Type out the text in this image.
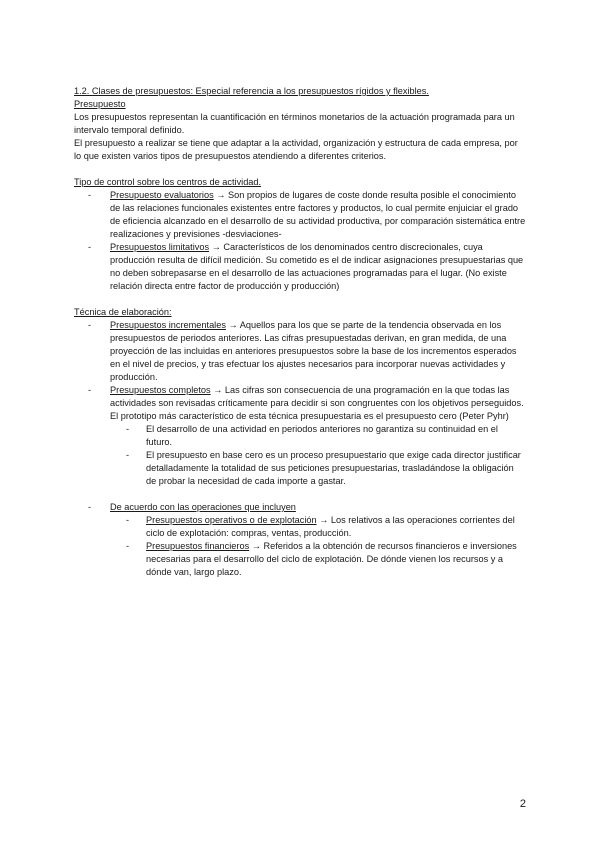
1.2. Clases de presupuestos: Especial referencia a los presupuestos rígidos y flexibles.

Presupuesto

Los presupuestos representan la cuantificación en términos monetarios de la actuación programada para un intervalo temporal definido.

El presupuesto a realizar se tiene que adaptar a la actividad, organización y estructura de cada empresa, por lo que existen varios tipos de presupuestos atendiendo a diferentes criterios.

Tipo de control sobre los centros de actividad.

- Presupuesto evaluatorios → Son propios de lugares de coste donde resulta posible el conocimiento de las relaciones funcionales existentes entre factores y productos, lo cual permite enjuiciar el grado de eficiencia alcanzado en el desarrollo de su actividad productiva, por comparación sistemática entre realizaciones y previsiones -desviaciones-
- Presupuestos limitativos → Característicos de los denominados centro discrecionales, cuya producción resulta de difícil medición. Su cometido es el de indicar asignaciones presupuestarias que no deben sobrepasarse en el desarrollo de las actuaciones programadas para el lugar. (No existe relación directa entre factor de producción y producción)

Técnica de elaboración:

- Presupuestos incrementales → Aquellos para los que se parte de la tendencia observada en los presupuestos de periodos anteriores. Las cifras presupuestadas derivan, en gran medida, de una proyección de las incluidas en anteriores presupuestos sobre la base de los incrementos esperados en el nivel de precios, y tras efectuar los ajustes necesarios para incorporar nuevas actividades y producción.
- Presupuestos completos → Las cifras son consecuencia de una programación en la que todas las actividades son revisadas críticamente para decidir si son congruentes con los objetivos perseguidos. El prototipo más característico de esta técnica presupuestaria es el presupuesto cero (Peter Pyhr)
- El desarrollo de una actividad en periodos anteriores no garantiza su continuidad en el futuro.
- El presupuesto en base cero es un proceso presupuestario que exige cada director justificar detalladamente la totalidad de sus peticiones presupuestarias, trasladándose la obligación de probar la necesidad de cada importe a gastar.
- De acuerdo con las operaciones que incluyen
- Presupuestos operativos o de explotación → Los relativos a las operaciones corrientes del ciclo de explotación: compras, ventas, producción.
- Presupuestos financieros → Referidos a la obtención de recursos financieros e inversiones necesarias para el desarrollo del ciclo de explotación. De dónde vienen los recursos y a dónde van, largo plazo.
2
